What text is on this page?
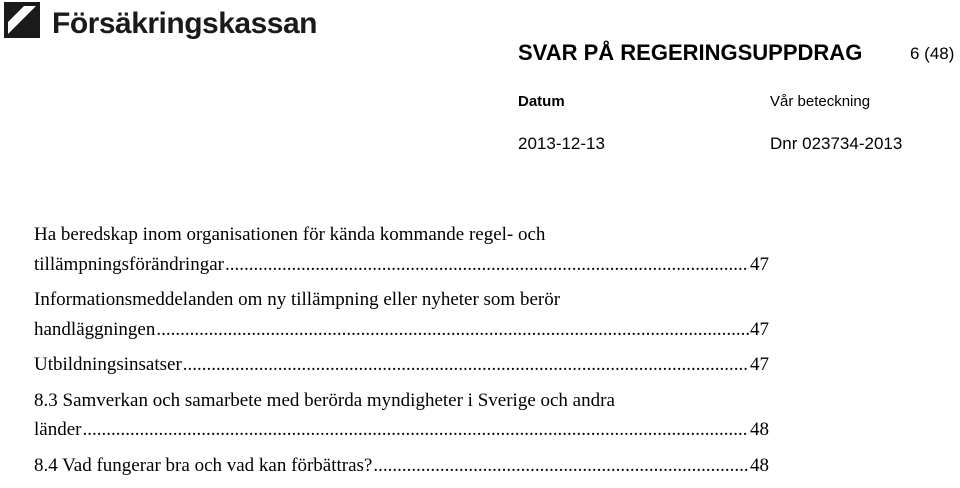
Försäkringskassan
SVAR PÅ REGERINGSUPPDRAG	6 (48)
Datum	Vår beteckning
2013-12-13	Dnr 023734-2013
Ha beredskap inom organisationen för kända kommande regel- och
tillämpningsförändringar .....	47
Informationsmeddelanden om ny tillämpning eller nyheter som berör
handläggningen .....	47
Utbildningsinsatser .....	47
8.3 Samverkan och samarbete med berörda myndigheter i Sverige och andra
länder .....	48
8.4 Vad fungerar bra och vad kan förbättras? .....	48
